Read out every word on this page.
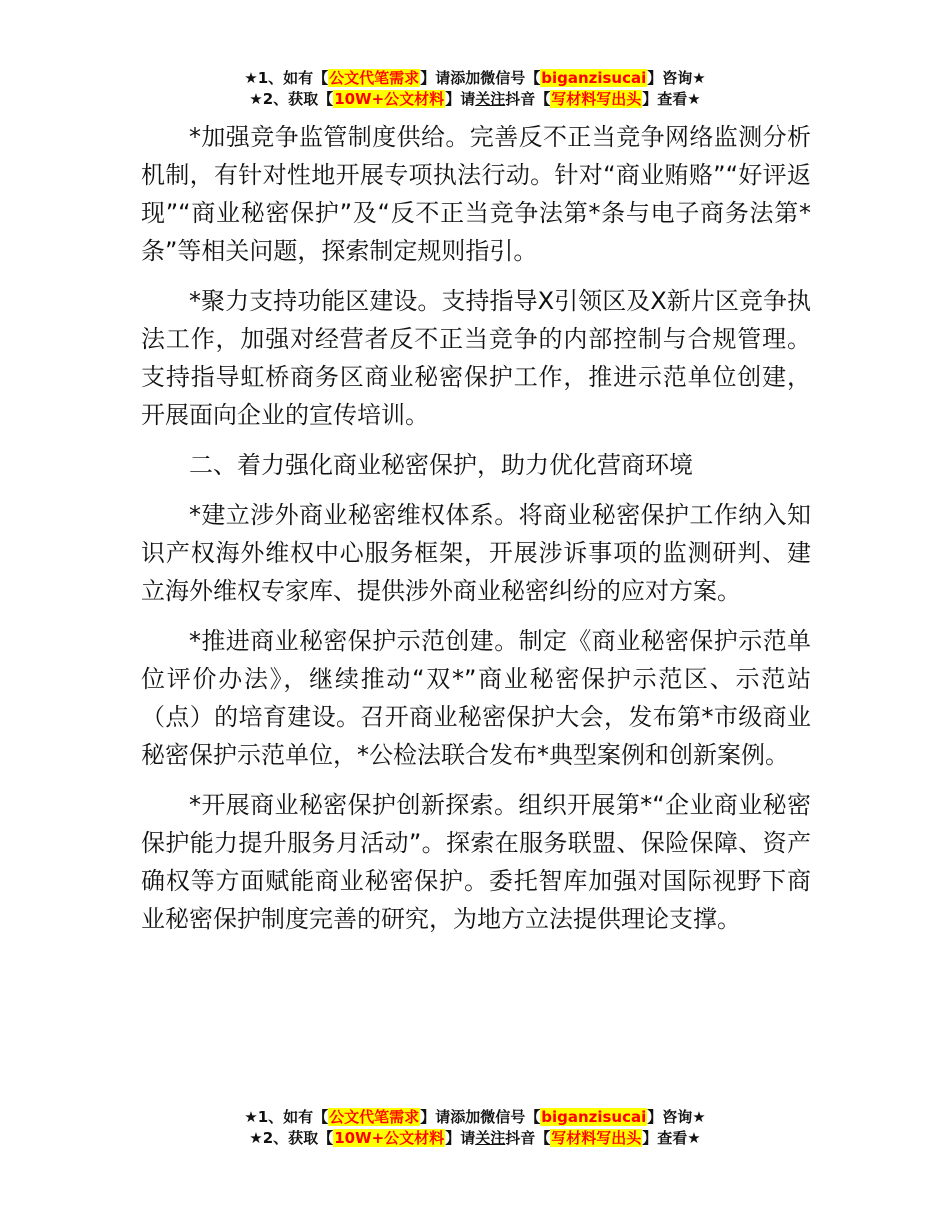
★1、如有【公文代笔需求】请添加微信号【biganzisucai】咨询★
★2、获取【10W+公文材料】请关注抖音【写材料写出头】查看★

*加强竞争监管制度供给。完善反不正当竞争网络监测分析机制，有针对性地开展专项执法行动。针对“商业贿赂”“好评返现”“商业秘密保护”及“反不正当竞争法第*条与电子商务法第*条”等相关问题，探索制定规则指引。

*聚力支持功能区建设。支持指导X引领区及X新片区竞争执法工作，加强对经营者反不正当竞争的内部控制与合规管理。支持指导虹桥商务区商业秘密保护工作，推进示范单位创建，开展面向企业的宣传培训。

二、着力强化商业秘密保护，助力优化营商环境

*建立涉外商业秘密维权体系。将商业秘密保护工作纳入知识产权海外维权中心服务框架，开展涉诉事项的监测研判、建立海外维权专家库、提供涉外商业秘密纠纷的应对方案。

*推进商业秘密保护示范创建。制定《商业秘密保护示范单位评价办法》，继续推动“双*”商业秘密保护示范区、示范站（点）的培育建设。召开商业秘密保护大会，发布第*市级商业秘密保护示范单位，*公检法联合发布*典型案例和创新案例。

*开展商业秘密保护创新探索。组织开展第*“企业商业秘密保护能力提升服务月活动”。探索在服务联盟、保险保障、资产确权等方面赋能商业秘密保护。委托智库加强对国际视野下商业秘密保护制度完善的研究，为地方立法提供理论支撑。

★1、如有【公文代笔需求】请添加微信号【biganzisucai】咨询★
★2、获取【10W+公文材料】请关注抖音【写材料写出头】查看★
